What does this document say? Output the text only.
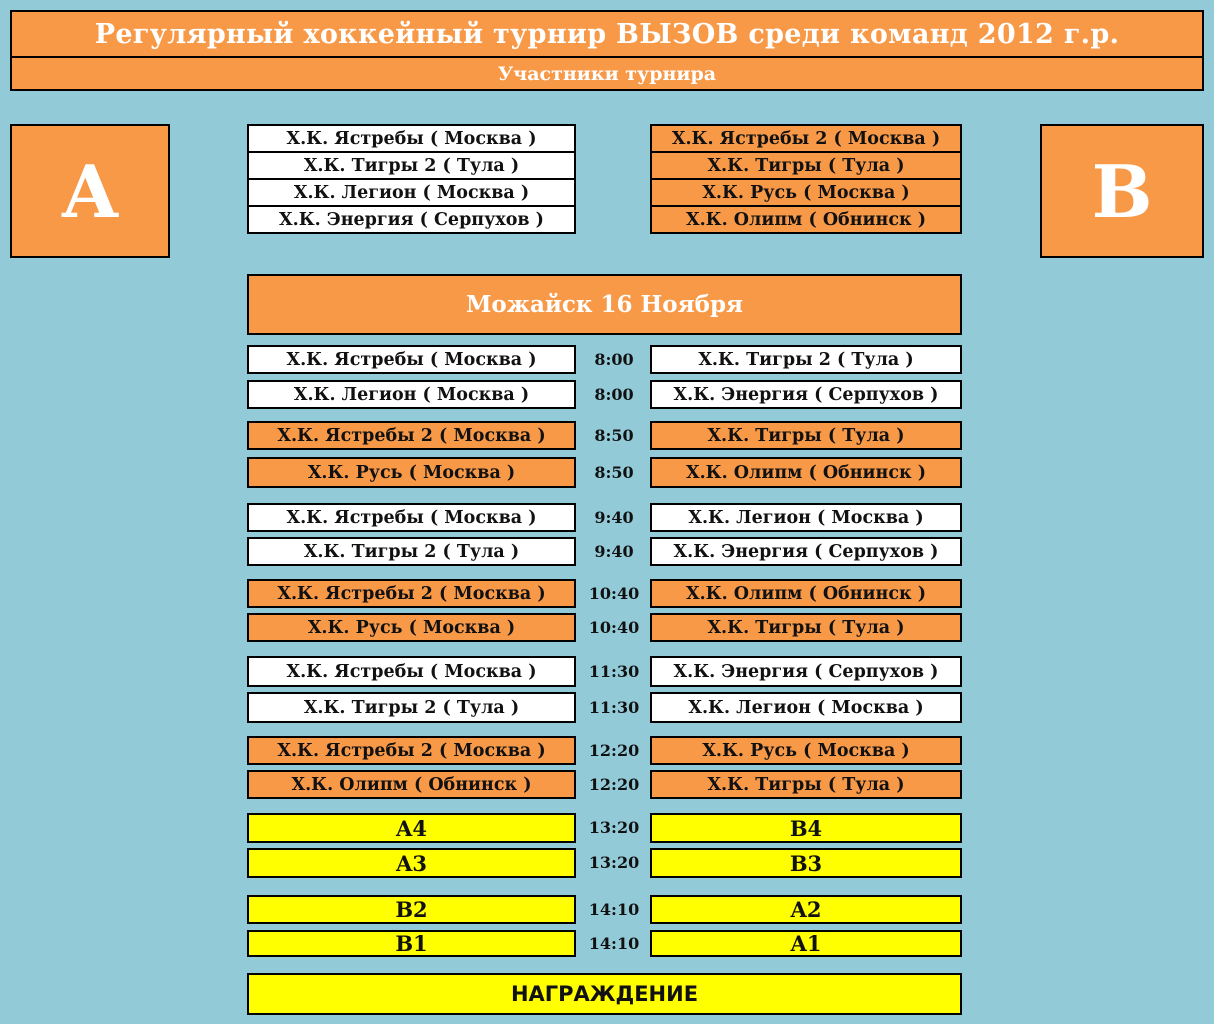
Регулярный хоккейный турнир ВЫЗОВ среди команд 2012 г.р.
Участники турнира
A	B
Х.К. Ястребы ( Москва )
Х.К. Тигры 2 ( Тула )
Х.К. Легион ( Москва )
Х.К. Энергия ( Серпухов )
Х.К. Ястребы 2 ( Москва )
Х.К. Тигры ( Тула )
Х.К. Русь ( Москва )
Х.К. Олипм ( Обнинск )
Можайск 16 Ноября
Х.К. Ястребы ( Москва )	8:00	Х.К. Тигры 2 ( Тула )
Х.К. Легион ( Москва )	8:00	Х.К. Энергия ( Серпухов )
Х.К. Ястребы 2 ( Москва )	8:50	Х.К. Тигры ( Тула )
Х.К. Русь ( Москва )	8:50	Х.К. Олипм ( Обнинск )
Х.К. Ястребы ( Москва )	9:40	Х.К. Легион ( Москва )
Х.К. Тигры 2 ( Тула )	9:40	Х.К. Энергия ( Серпухов )
Х.К. Ястребы 2 ( Москва )	10:40	Х.К. Олипм ( Обнинск )
Х.К. Русь ( Москва )	10:40	Х.К. Тигры ( Тула )
Х.К. Ястребы ( Москва )	11:30	Х.К. Энергия ( Серпухов )
Х.К. Тигры 2 ( Тула )	11:30	Х.К. Легион ( Москва )
Х.К. Ястребы 2 ( Москва )	12:20	Х.К. Русь ( Москва )
Х.К. Олипм ( Обнинск )	12:20	Х.К. Тигры ( Тула )
A4	13:20	B4
A3	13:20	B3
B2	14:10	A2
B1	14:10	A1
НАГРАЖДЕНИЕ
